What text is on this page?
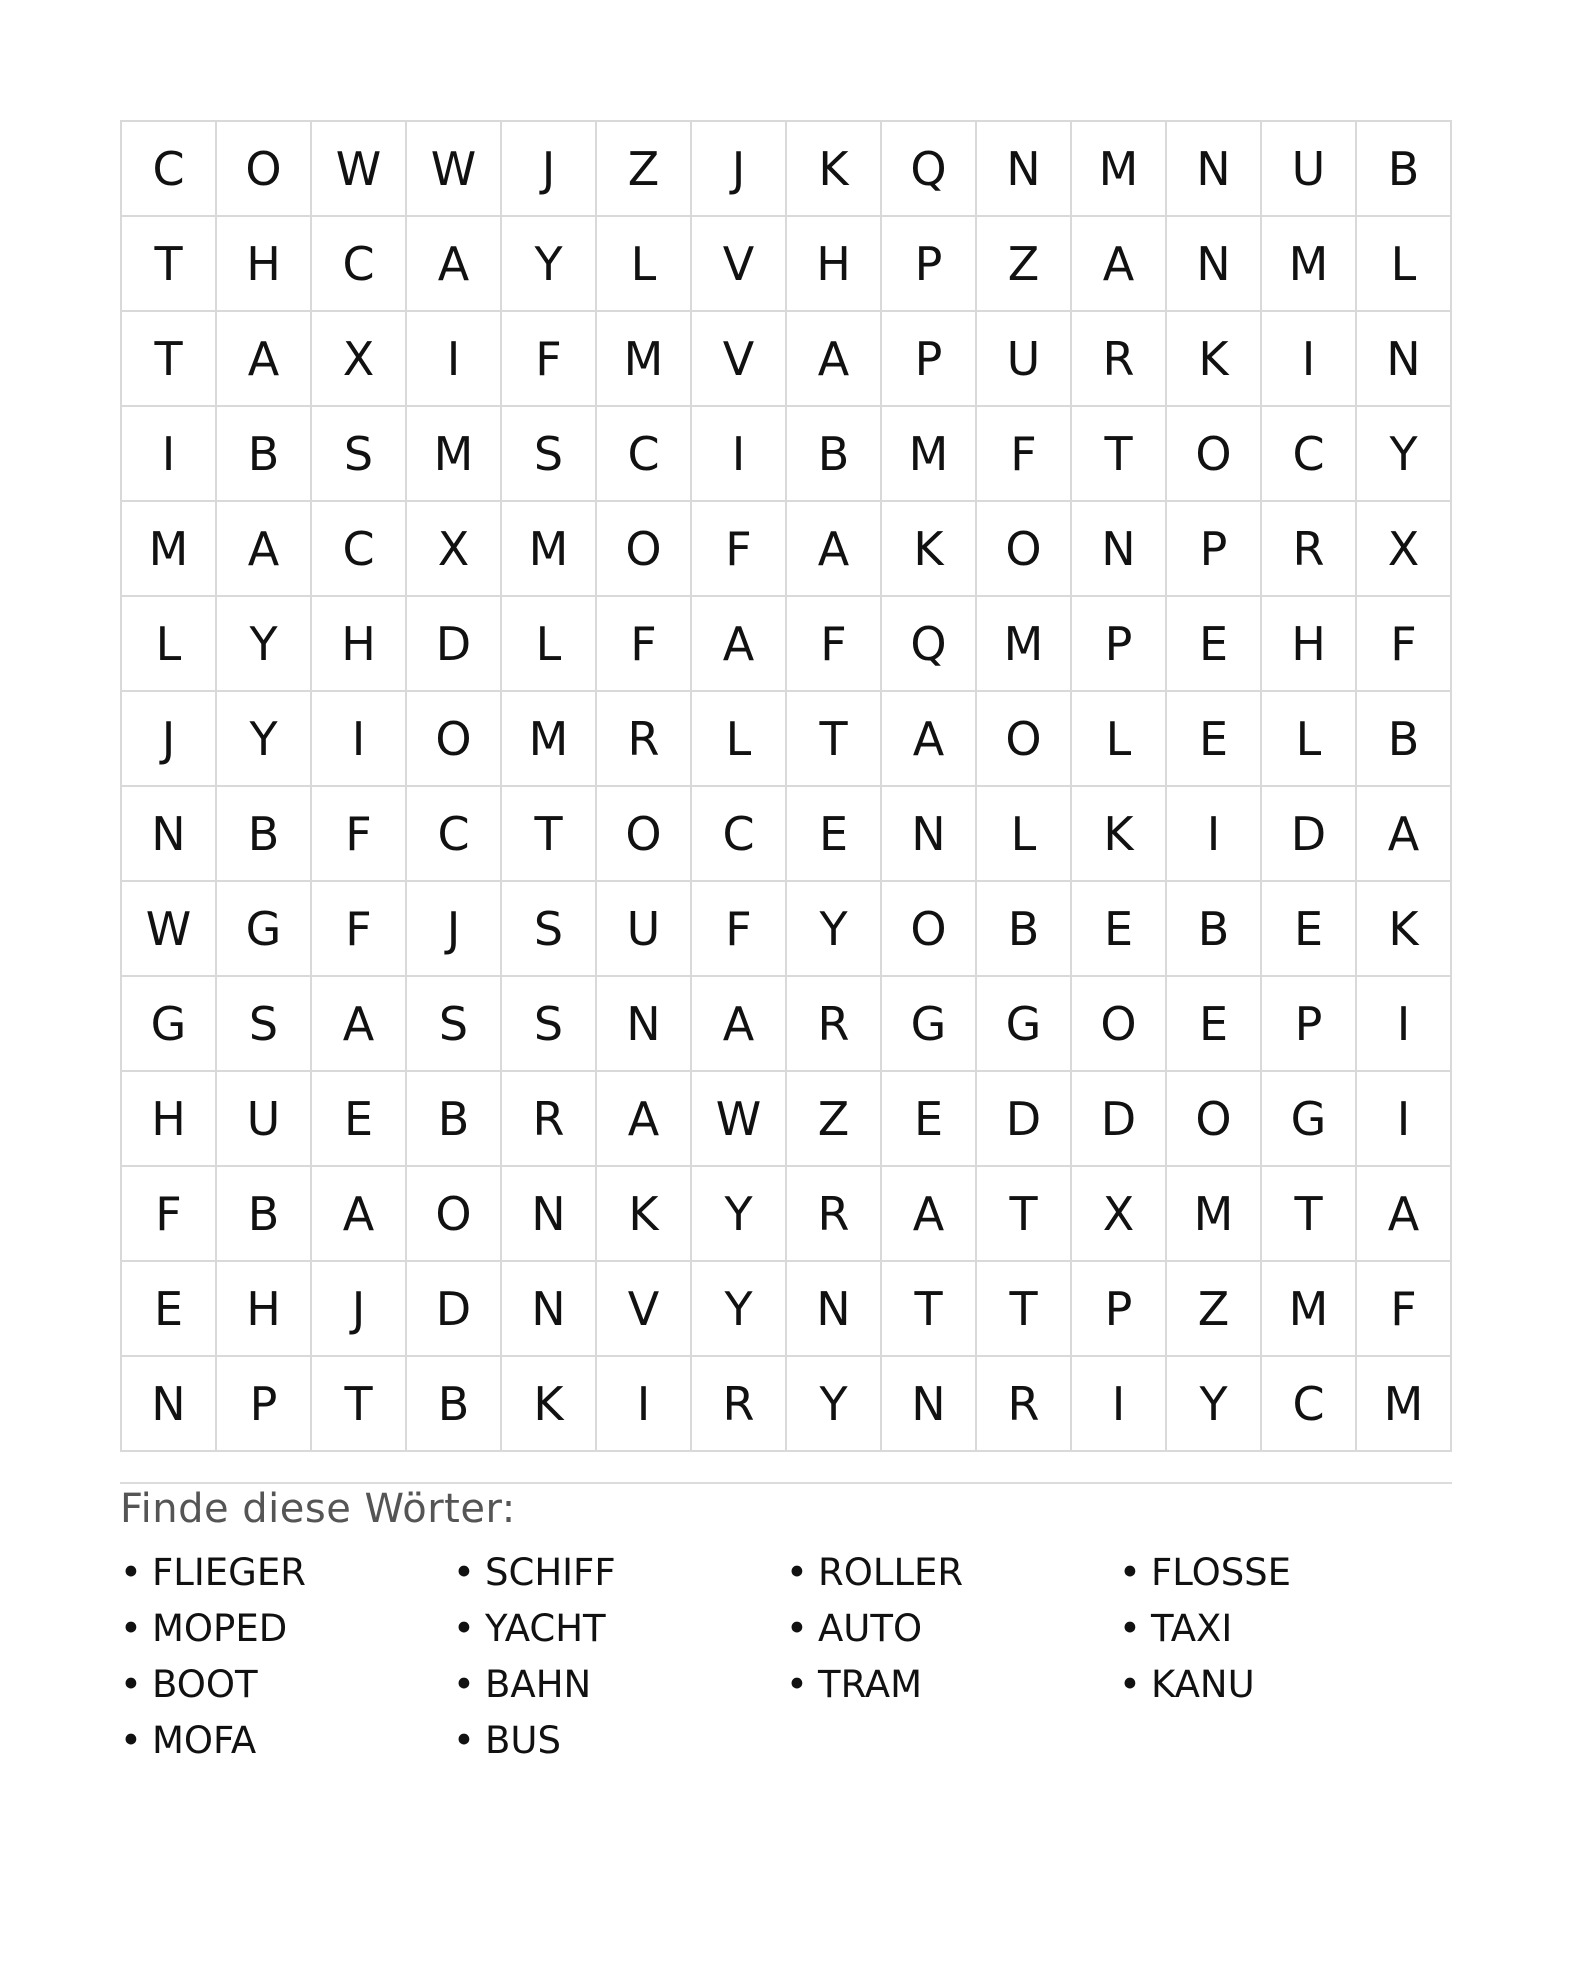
C	O	W	W	J	Z	J	K	Q	N	M	N	U	B
T	H	C	A	Y	L	V	H	P	Z	A	N	M	L
T	A	X	I	F	M	V	A	P	U	R	K	I	N
I	B	S	M	S	C	I	B	M	F	T	O	C	Y
M	A	C	X	M	O	F	A	K	O	N	P	R	X
L	Y	H	D	L	F	A	F	Q	M	P	E	H	F
J	Y	I	O	M	R	L	T	A	O	L	E	L	B
N	B	F	C	T	O	C	E	N	L	K	I	D	A
W	G	F	J	S	U	F	Y	O	B	E	B	E	K
G	S	A	S	S	N	A	R	G	G	O	E	P	I
H	U	E	B	R	A	W	Z	E	D	D	O	G	I
F	B	A	O	N	K	Y	R	A	T	X	M	T	A
E	H	J	D	N	V	Y	N	T	T	P	Z	M	F
N	P	T	B	K	I	R	Y	N	R	I	Y	C	M
Finde diese Wörter:
• FLIEGER	• SCHIFF	• ROLLER	• FLOSSE
• MOPED	• YACHT	• AUTO	• TAXI
• BOOT	• BAHN	• TRAM	• KANU
• MOFA	• BUS
